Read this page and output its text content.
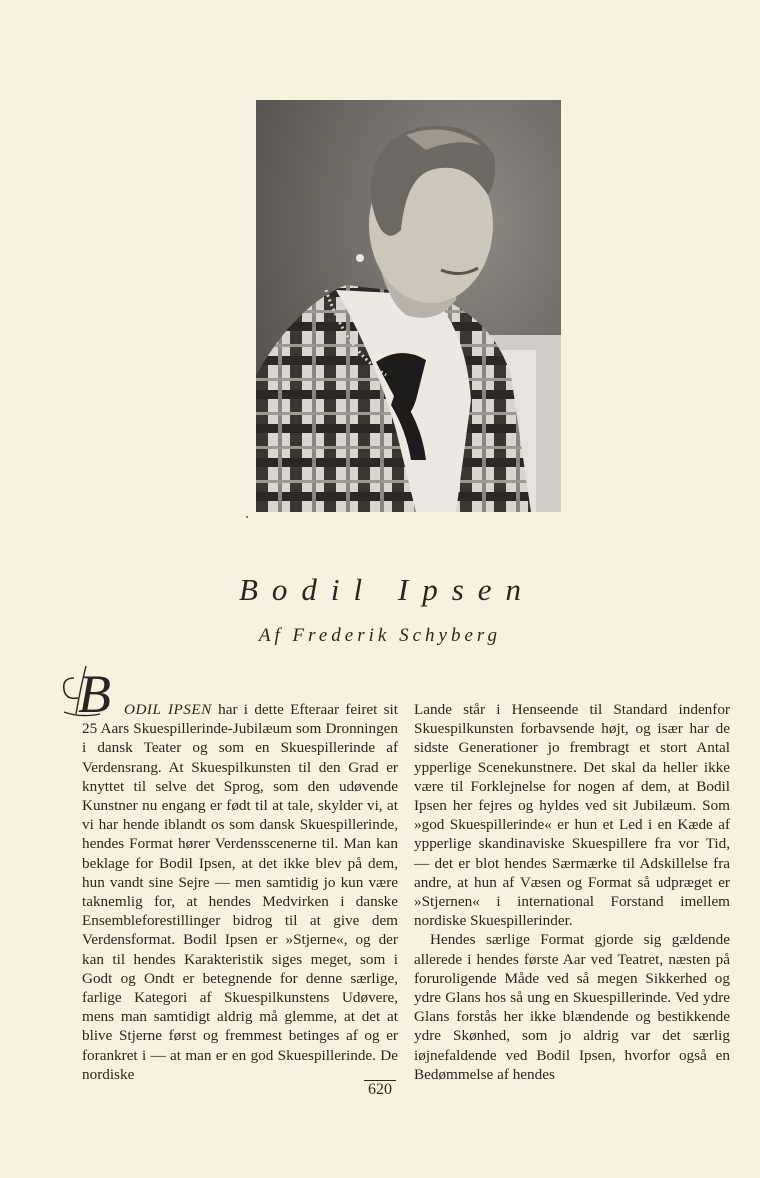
Bodil Ipsen
Af Frederik Schyberg

B ODIL IPSEN har i dette Efteraar feiret sit 25 Aars Skuespillerinde-Jubilæum som Dronningen i dansk Teater og som en Skuespillerinde af Verdensrang. At Skuespilkunsten til den Grad er knyttet til selve det Sprog, som den udøvende Kunstner nu engang er født til at tale, skylder vi, at vi har hende iblandt os som dansk Skuespillerinde, hendes Format hører Verdensscenerne til. Man kan beklage for Bodil Ipsen, at det ikke blev på dem, hun vandt sine Sejre — men samtidig jo kun være taknemlig for, at hendes Medvirken i danske Ensembleforestillinger bidrog til at give dem Verdensformat. Bodil Ipsen er »Stjerne«, og der kan til hendes Karakteristik siges meget, som i Godt og Ondt er betegnende for denne særlige, farlige Kategori af Skuespilkunstens Udøvere, mens man samtidigt aldrig må glemme, at det at blive Stjerne først og fremmest betinges af og er forankret i — at man er en god Skuespillerinde. De nordiske

Lande står i Henseende til Standard indenfor Skuespilkunsten forbavsende højt, og især har de sidste Generationer jo frembragt et stort Antal ypperlige Scenekunstnere. Det skal da heller ikke være til Forklejnelse for nogen af dem, at Bodil Ipsen her fejres og hyldes ved sit Jubilæum. Som »god Skuespillerinde« er hun et Led i en Kæde af ypperlige skandinaviske Skuespillere fra vor Tid, — det er blot hendes Særmærke til Adskillelse fra andre, at hun af Væsen og Format så udpræget er »Stjernen« i international Forstand imellem nordiske Skuespillerinder.

Hendes særlige Format gjorde sig gældende allerede i hendes første Aar ved Teatret, næsten på foruroligende Måde ved så megen Sikkerhed og ydre Glans hos så ung en Skuespillerinde. Ved ydre Glans forstås her ikke blændende og bestikkende ydre Skønhed, som jo aldrig var det særlig iøjnefaldende ved Bodil Ipsen, hvorfor også en Bedømmelse af hendes

620
